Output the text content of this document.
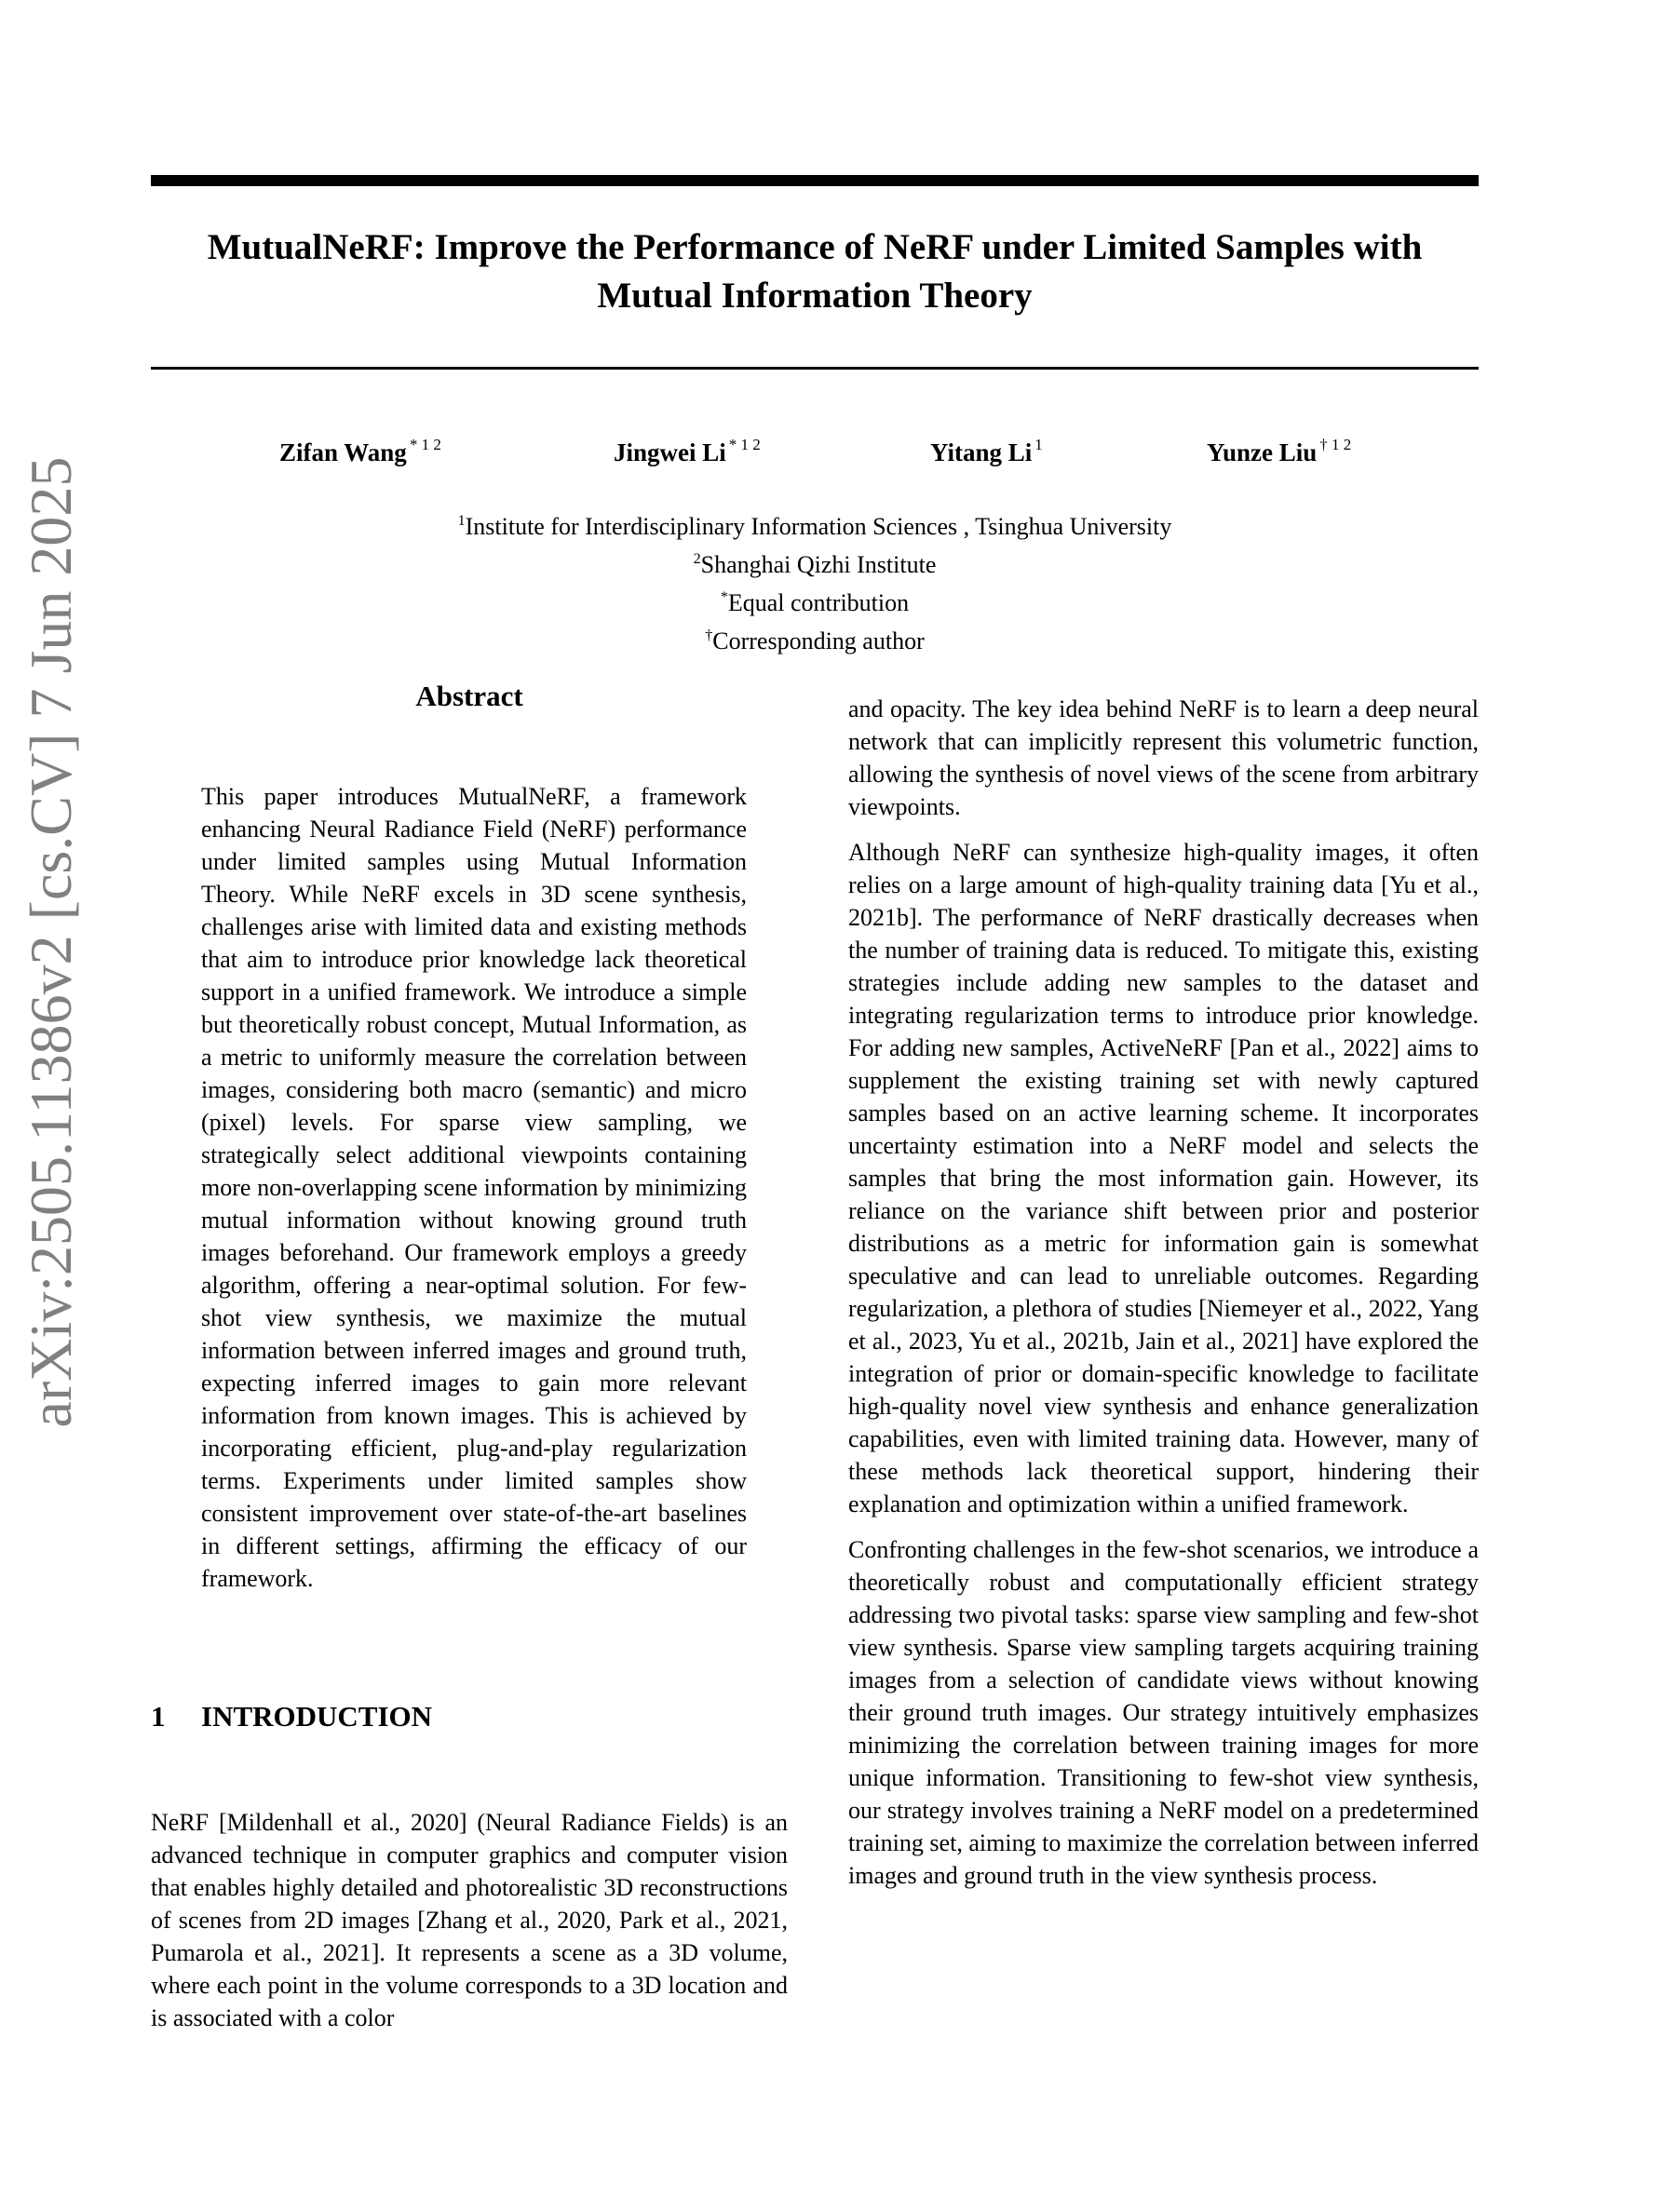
arXiv:2505.11386v2 [cs.CV] 7 Jun 2025
MutualNeRF: Improve the Performance of NeRF under Limited Samples with Mutual Information Theory
Zifan Wang $^{* 1 2}$	Jingwei Li $^{* 1 2}$	Yitang Li $^1$	Yunze Liu $^{\dagger 1 2}$
$^1$Institute for Interdisciplinary Information Sciences , Tsinghua University
$^2$Shanghai Qizhi Institute
*Equal contribution
†Corresponding author
Abstract

This paper introduces MutualNeRF, a framework enhancing Neural Radiance Field (NeRF) performance under limited samples using Mutual Information Theory. While NeRF excels in 3D scene synthesis, challenges arise with limited data and existing methods that aim to introduce prior knowledge lack theoretical support in a unified framework. We introduce a simple but theoretically robust concept, Mutual Information, as a metric to uniformly measure the correlation between images, considering both macro (semantic) and micro (pixel) levels. For sparse view sampling, we strategically select additional viewpoints containing more non-overlapping scene information by minimizing mutual information without knowing ground truth images beforehand. Our framework employs a greedy algorithm, offering a near-optimal solution. For few-shot view synthesis, we maximize the mutual information between inferred images and ground truth, expecting inferred images to gain more relevant information from known images. This is achieved by incorporating efficient, plug-and-play regularization terms. Experiments under limited samples show consistent improvement over state-of-the-art baselines in different settings, affirming the efficacy of our framework.

1 INTRODUCTION

NeRF [Mildenhall et al., 2020] (Neural Radiance Fields) is an advanced technique in computer graphics and computer vision that enables highly detailed and photorealistic 3D reconstructions of scenes from 2D images [Zhang et al., 2020, Park et al., 2021, Pumarola et al., 2021]. It represents a scene as a 3D volume, where each point in the volume corresponds to a 3D location and is associated with a color

and opacity. The key idea behind NeRF is to learn a deep neural network that can implicitly represent this volumetric function, allowing the synthesis of novel views of the scene from arbitrary viewpoints.

Although NeRF can synthesize high-quality images, it often relies on a large amount of high-quality training data [Yu et al., 2021b]. The performance of NeRF drastically decreases when the number of training data is reduced. To mitigate this, existing strategies include adding new samples to the dataset and integrating regularization terms to introduce prior knowledge. For adding new samples, ActiveNeRF [Pan et al., 2022] aims to supplement the existing training set with newly captured samples based on an active learning scheme. It incorporates uncertainty estimation into a NeRF model and selects the samples that bring the most information gain. However, its reliance on the variance shift between prior and posterior distributions as a metric for information gain is somewhat speculative and can lead to unreliable outcomes. Regarding regularization, a plethora of studies [Niemeyer et al., 2022, Yang et al., 2023, Yu et al., 2021b, Jain et al., 2021] have explored the integration of prior or domain-specific knowledge to facilitate high-quality novel view synthesis and enhance generalization capabilities, even with limited training data. However, many of these methods lack theoretical support, hindering their explanation and optimization within a unified framework.

Confronting challenges in the few-shot scenarios, we introduce a theoretically robust and computationally efficient strategy addressing two pivotal tasks: sparse view sampling and few-shot view synthesis. Sparse view sampling targets acquiring training images from a selection of candidate views without knowing their ground truth images. Our strategy intuitively emphasizes minimizing the correlation between training images for more unique information. Transitioning to few-shot view synthesis, our strategy involves training a NeRF model on a predetermined training set, aiming to maximize the correlation between inferred images and ground truth in the view synthesis process.
